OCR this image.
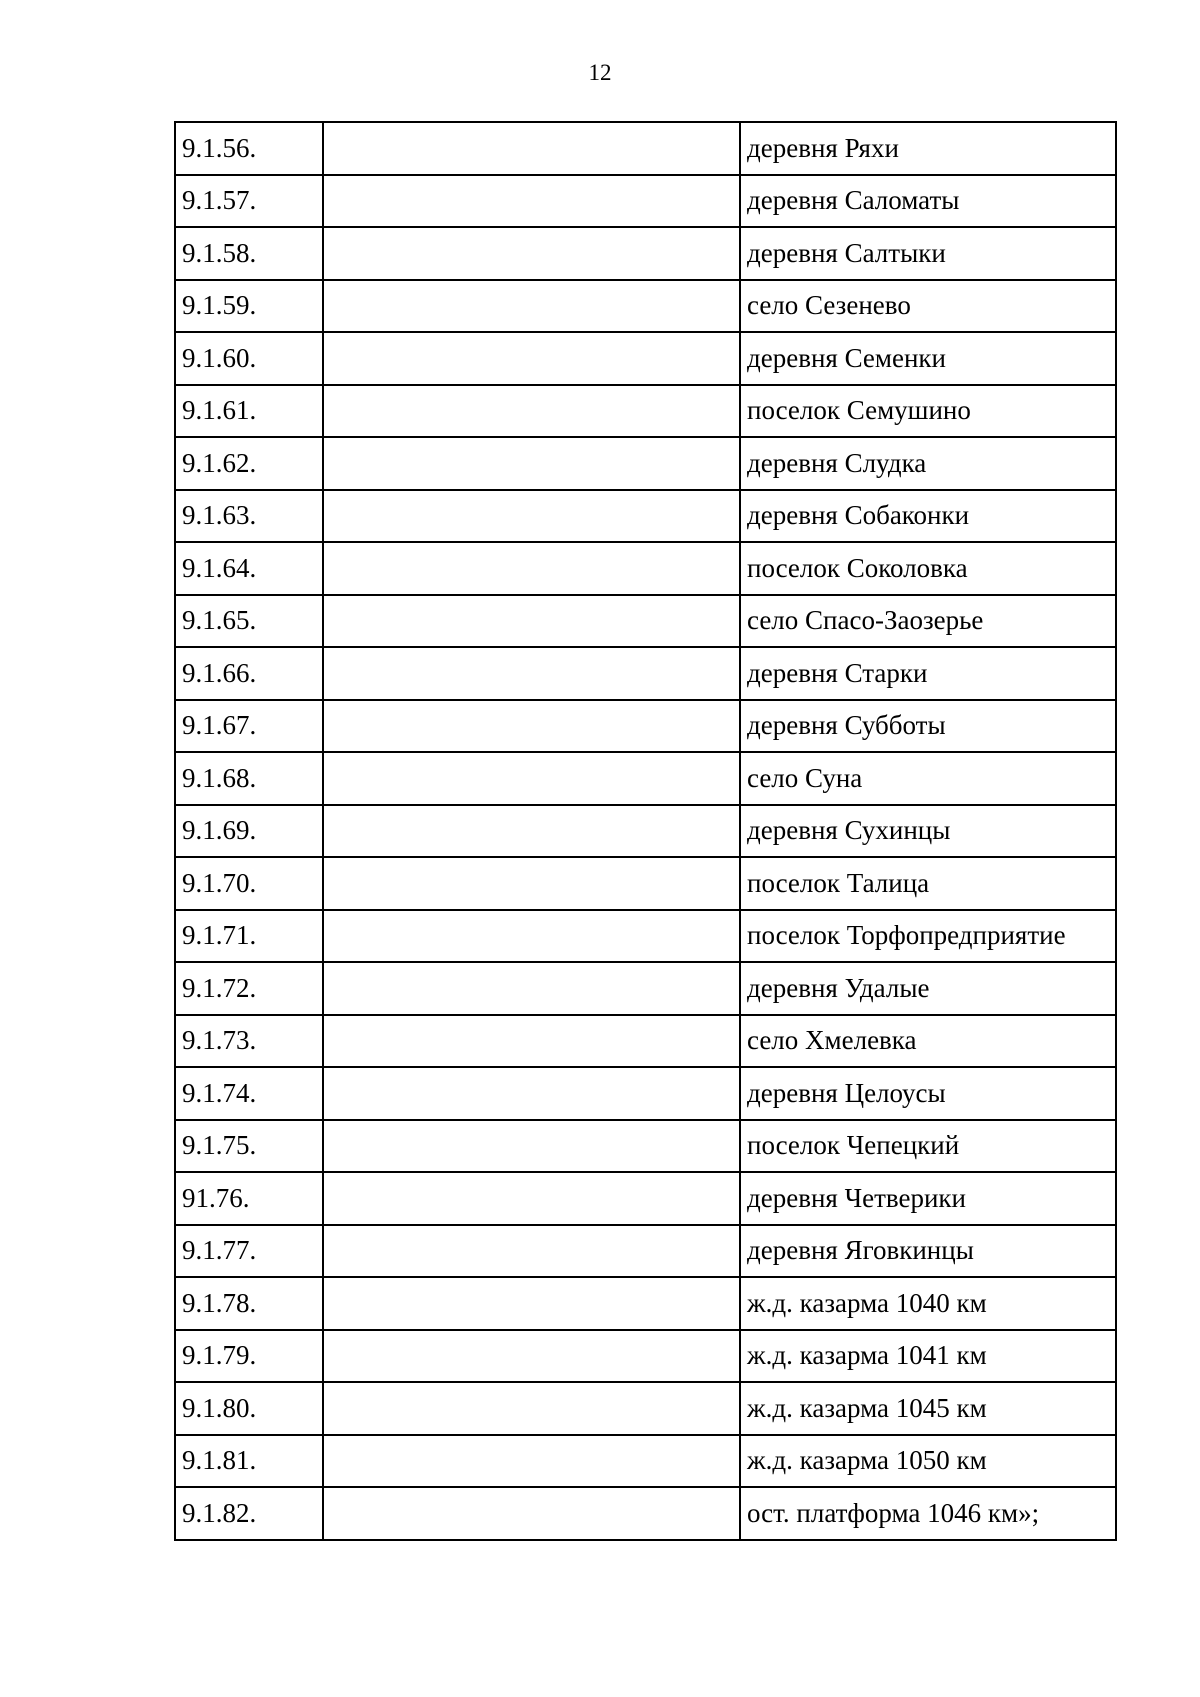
12
9.1.56.		деревня Ряхи
9.1.57.		деревня Саломаты
9.1.58.		деревня Салтыки
9.1.59.		село Сезенево
9.1.60.		деревня Семенки
9.1.61.		поселок Семушино
9.1.62.		деревня Слудка
9.1.63.		деревня Собаконки
9.1.64.		поселок Соколовка
9.1.65.		село Спасо-Заозерье
9.1.66.		деревня Старки
9.1.67.		деревня Субботы
9.1.68.		село Суна
9.1.69.		деревня Сухинцы
9.1.70.		поселок Талица
9.1.71.		поселок Торфопредприятие
9.1.72.		деревня Удалые
9.1.73.		село Хмелевка
9.1.74.		деревня Целоусы
9.1.75.		поселок Чепецкий
91.76.		деревня Четверики
9.1.77.		деревня Яговкинцы
9.1.78.		ж.д. казарма 1040 км
9.1.79.		ж.д. казарма 1041 км
9.1.80.		ж.д. казарма 1045 км
9.1.81.		ж.д. казарма 1050 км
9.1.82.		ост. платформа 1046 км»;
